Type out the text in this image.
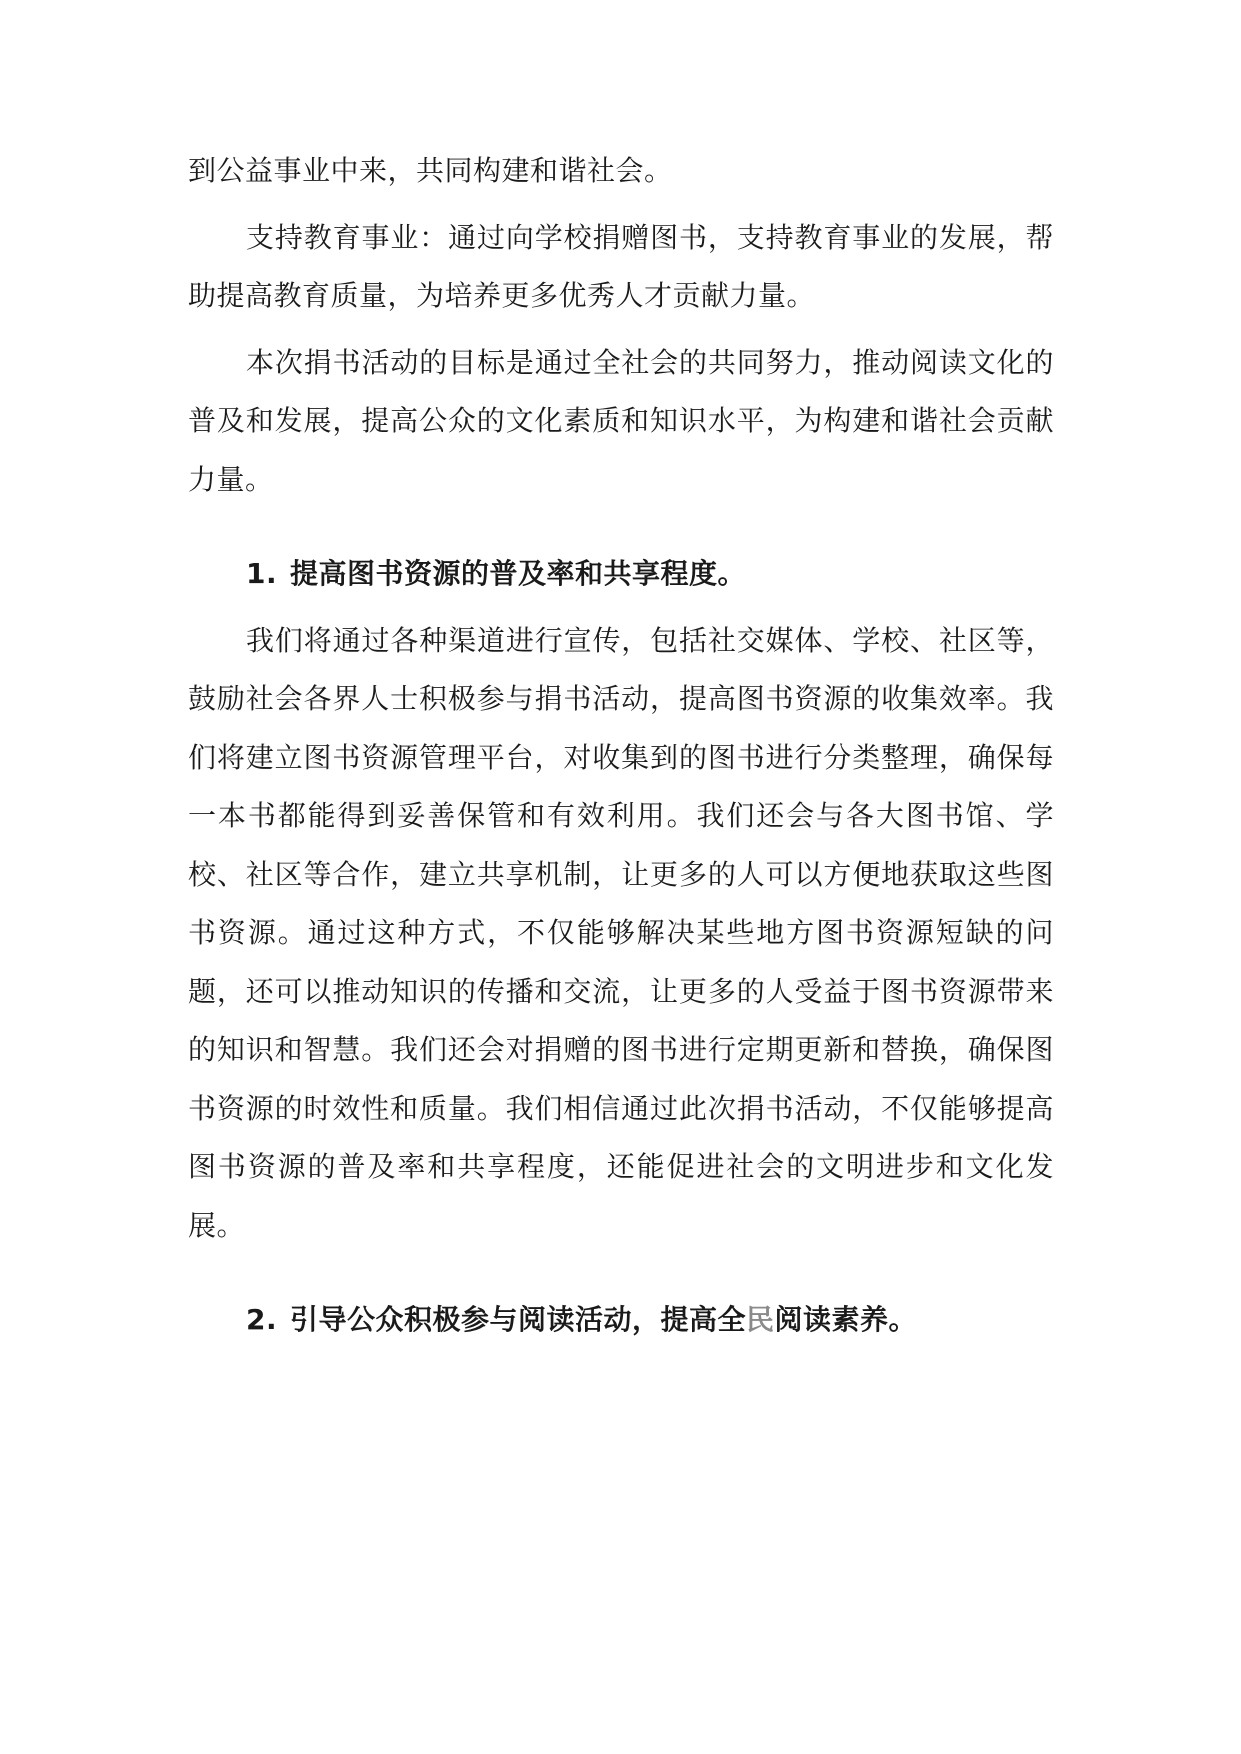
到公益事业中来，共同构建和谐社会。

支持教育事业：通过向学校捐赠图书，支持教育事业的发展，帮助提高教育质量，为培养更多优秀人才贡献力量。

本次捐书活动的目标是通过全社会的共同努力，推动阅读文化的普及和发展，提高公众的文化素质和知识水平，为构建和谐社会贡献力量。

1. 提高图书资源的普及率和共享程度。

我们将通过各种渠道进行宣传，包括社交媒体、学校、社区等，鼓励社会各界人士积极参与捐书活动，提高图书资源的收集效率。我们将建立图书资源管理平台，对收集到的图书进行分类整理，确保每一本书都能得到妥善保管和有效利用。我们还会与各大图书馆、学校、社区等合作，建立共享机制，让更多的人可以方便地获取这些图书资源。通过这种方式，不仅能够解决某些地方图书资源短缺的问题，还可以推动知识的传播和交流，让更多的人受益于图书资源带来的知识和智慧。我们还会对捐赠的图书进行定期更新和替换，确保图书资源的时效性和质量。我们相信通过此次捐书活动，不仅能够提高图书资源的普及率和共享程度，还能促进社会的文明进步和文化发展。

2. 引导公众积极参与阅读活动，提高全民阅读素养。
